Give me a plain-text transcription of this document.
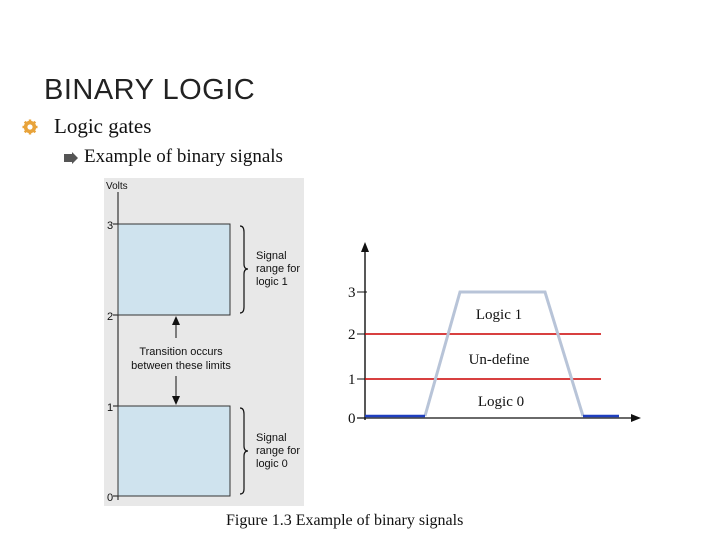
BINARY LOGIC
Logic gates
Example of binary signals
Volts
3
2
1
0
Signal
range for
logic 1
Signal
range for
logic 0
Transition occurs
between these limits
3
2
1
0
Logic 1
Un-define
Logic 0
Figure 1.3 Example of binary signals
